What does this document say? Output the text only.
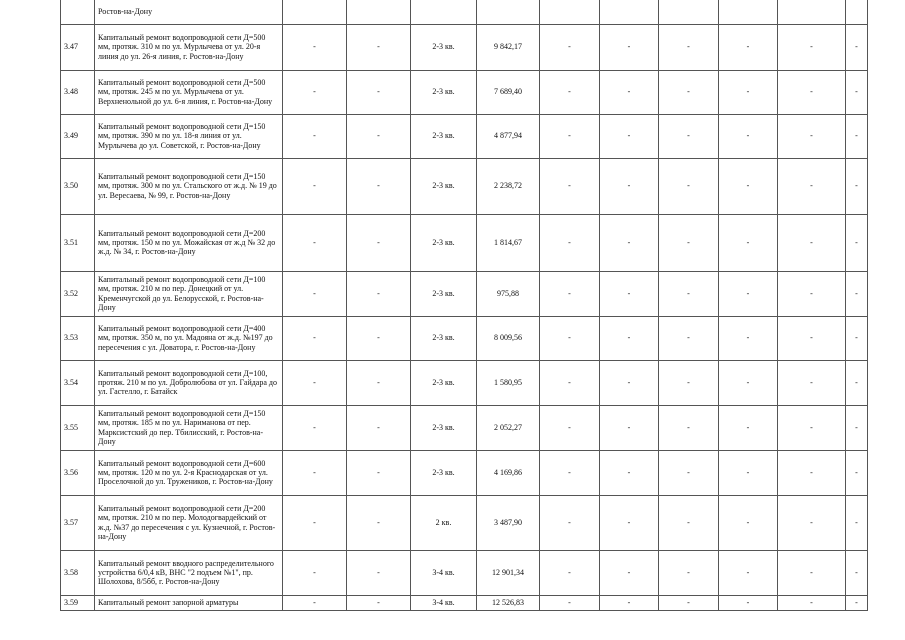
	Ростов-на-Дону										
3.47	Капитальный ремонт водопроводной сети Д=500 мм, протяж. 310 м по ул. Мурлычева от ул. 20-я линия до ул. 26-я линия, г. Ростов-на-Дону	-	-	2-3 кв.	9 842,17	-	-	-	-	-	-
3.48	Капитальный ремонт водопроводной сети Д=500 мм, протяж. 245 м по ул. Мурлычева от ул. Верхненольной до ул. 6-я линия, г. Ростов-на-Дону	-	-	2-3 кв.	7 689,40	-	-	-	-	-	-
3.49	Капитальный ремонт водопроводной сети Д=150 мм, протяж. 390 м по ул. 18-я линия от ул. Мурлычева до ул. Советской, г. Ростов-на-Дону	-	-	2-3 кв.	4 877,94	-	-	-	-	-	-
3.50	Капитальный ремонт водопроводной сети Д=150 мм, протяж. 300 м по ул. Стальского от ж.д. № 19 до ул. Вересаева, № 99, г. Ростов-на-Дону	-	-	2-3 кв.	2 238,72	-	-	-	-	-	-
3.51	Капитальный ремонт водопроводной сети Д=200 мм, протяж. 150 м по ул. Можайская от ж.д № 32 до ж.д. № 34, г. Ростов-на-Дону	-	-	2-3 кв.	1 814,67	-	-	-	-	-	-
3.52	Капитальный ремонт водопроводной сети Д=100 мм, протяж. 210 м по пер. Донецкий от ул. Кременчугской до ул. Белорусской, г. Ростов-на-Дону	-	-	2-3 кв.	975,88	-	-	-	-	-	-
3.53	Капитальный ремонт водопроводной сети Д=400 мм, протяж. 350 м, по ул. Мадояна от ж.д. №197 до пересечения с ул. Доватора, г. Ростов-на-Дону	-	-	2-3 кв.	8 009,56	-	-	-	-	-	-
3.54	Капитальный ремонт водопроводной сети Д=100, протяж. 210 м по ул. Добролюбова от ул. Гайдара до ул. Гастелло, г. Батайск	-	-	2-3 кв.	1 580,95	-	-	-	-	-	-
3.55	Капитальный ремонт водопроводной сети Д=150 мм, протяж. 185 м по ул. Нариманова от пер. Марксистский до пер. Тбилисский, г. Ростов-на-Дону	-	-	2-3 кв.	2 052,27	-	-	-	-	-	-
3.56	Капитальный ремонт водопроводной сети Д=600 мм, протяж. 120 м по ул. 2-я Краснодарская от ул. Проселочной до ул. Тружеников, г. Ростов-на-Дону	-	-	2-3 кв.	4 169,86	-	-	-	-	-	-
3.57	Капитальный ремонт водопроводной сети Д=200 мм, протяж. 210 м по пер. Молодогвардейский от ж.д. №37 до пересечения с ул. Кузнечной, г. Ростов-на-Дону	-	-	2 кв.	3 487,90	-	-	-	-	-	-
3.58	Капитальный ремонт вводного распределительного устройства 6/0,4 кВ, ВНС "2 подъем №1", пр. Шолохова, 8/5бб, г. Ростов-на-Дону	-	-	3-4 кв.	12 901,34	-	-	-	-	-	-
3.59	Капитальный ремонт запорной арматуры	-	-	3-4 кв.	12 526,83	-	-	-	-	-	-
